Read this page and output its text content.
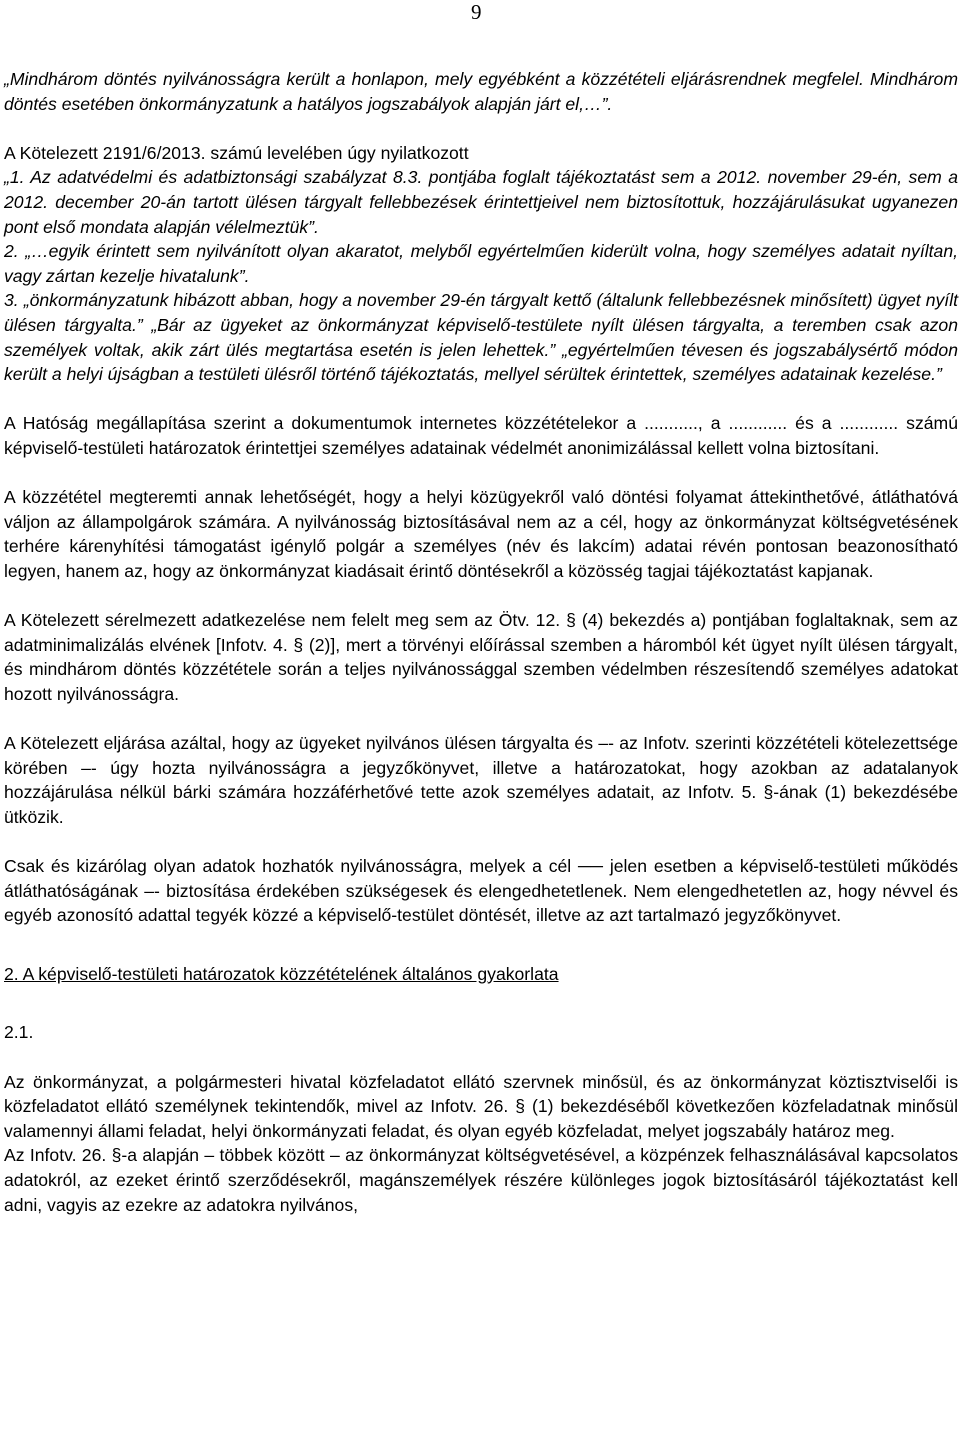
9

„Mindhárom döntés nyilvánosságra került a honlapon, mely egyébként a közzétételi eljárásrendnek megfelel. Mindhárom döntés esetében önkormányzatunk a hatályos jogszabályok alapján járt el,…”.

A Kötelezett 2191/6/2013. számú levelében úgy nyilatkozott

„1. Az adatvédelmi és adatbiztonsági szabályzat 8.3. pontjába foglalt tájékoztatást sem a 2012. november 29-én, sem a 2012. december 20-án tartott ülésen tárgyalt fellebbezések érintettjeivel nem biztosítottuk, hozzájárulásukat ugyanezen pont első mondata alapján vélelmeztük”.

2. „…egyik érintett sem nyilvánított olyan akaratot, melyből egyértelműen kiderült volna, hogy személyes adatait nyíltan, vagy zártan kezelje hivatalunk”.

3. „önkormányzatunk hibázott abban, hogy a november 29-én tárgyalt kettő (általunk fellebbezésnek minősített) ügyet nyílt ülésen tárgyalta.” „Bár az ügyeket az önkormányzat képviselő-testülete nyílt ülésen tárgyalta, a teremben csak azon személyek voltak, akik zárt ülés megtartása esetén is jelen lehettek.” „egyértelműen tévesen és jogszabálysértő módon került a helyi újságban a testületi ülésről történő tájékoztatás, mellyel sérültek érintettek, személyes adatainak kezelése.”

A Hatóság megállapítása szerint a dokumentumok internetes közzétételekor a ..........., a ............ és a ............ számú képviselő-testületi határozatok érintettjei személyes adatainak védelmét anonimizálással kellett volna biztosítani.

A közzététel megteremti annak lehetőségét, hogy a helyi közügyekről való döntési folyamat áttekinthetővé, átláthatóvá váljon az állampolgárok számára. A nyilvánosság biztosításával nem az a cél, hogy az önkormányzat költségvetésének terhére kárenyhítési támogatást igénylő polgár a személyes (név és lakcím) adatai révén pontosan beazonosítható legyen, hanem az, hogy az önkormányzat kiadásait érintő döntésekről a közösség tagjai tájékoztatást kapjanak.

A Kötelezett sérelmezett adatkezelése nem felelt meg sem az Ötv. 12. § (4) bekezdés a) pontjában foglaltaknak, sem az adatminimalizálás elvének [Infotv. 4. § (2)], mert a törvényi előírással szemben a háromból két ügyet nyílt ülésen tárgyalt, és mindhárom döntés közzététele során a teljes nyilvánossággal szemben védelmben részesítendő személyes adatokat hozott nyilvánosságra.

A Kötelezett eljárása azáltal, hogy az ügyeket nyilvános ülésen tárgyalta és –- az Infotv. szerinti közzétételi kötelezettsége körében –- úgy hozta nyilvánosságra a jegyzőkönyvet, illetve a határozatokat, hogy azokban az adatalanyok hozzájárulása nélkül bárki számára hozzáférhetővé tette azok személyes adatait, az Infotv. 5. §-ának (1) bekezdésébe ütközik.

Csak és kizárólag olyan adatok hozhatók nyilvánosságra, melyek a cél ── jelen esetben a képviselő-testületi működés átláthatóságának –- biztosítása érdekében szükségesek és elengedhetetlenek. Nem elengedhetetlen az, hogy névvel és egyéb azonosító adattal tegyék közzé a képviselő-testület döntését, illetve az azt tartalmazó jegyzőkönyvet.

2. A képviselő-testületi határozatok közzétételének általános gyakorlata

2.1.

Az önkormányzat, a polgármesteri hivatal közfeladatot ellátó szervnek minősül, és az önkormányzat köztisztviselői is közfeladatot ellátó személynek tekintendők, mivel az Infotv. 26. § (1) bekezdéséből következően közfeladatnak minősül valamennyi állami feladat, helyi önkormányzati feladat, és olyan egyéb közfeladat, melyet jogszabály határoz meg.

Az Infotv. 26. §-a alapján – többek között – az önkormányzat költségvetésével, a közpénzek felhasználásával kapcsolatos adatokról, az ezeket érintő szerződésekről, magánszemélyek részére különleges jogok biztosításáról tájékoztatást kell adni, vagyis az ezekre az adatokra nyilvános,
